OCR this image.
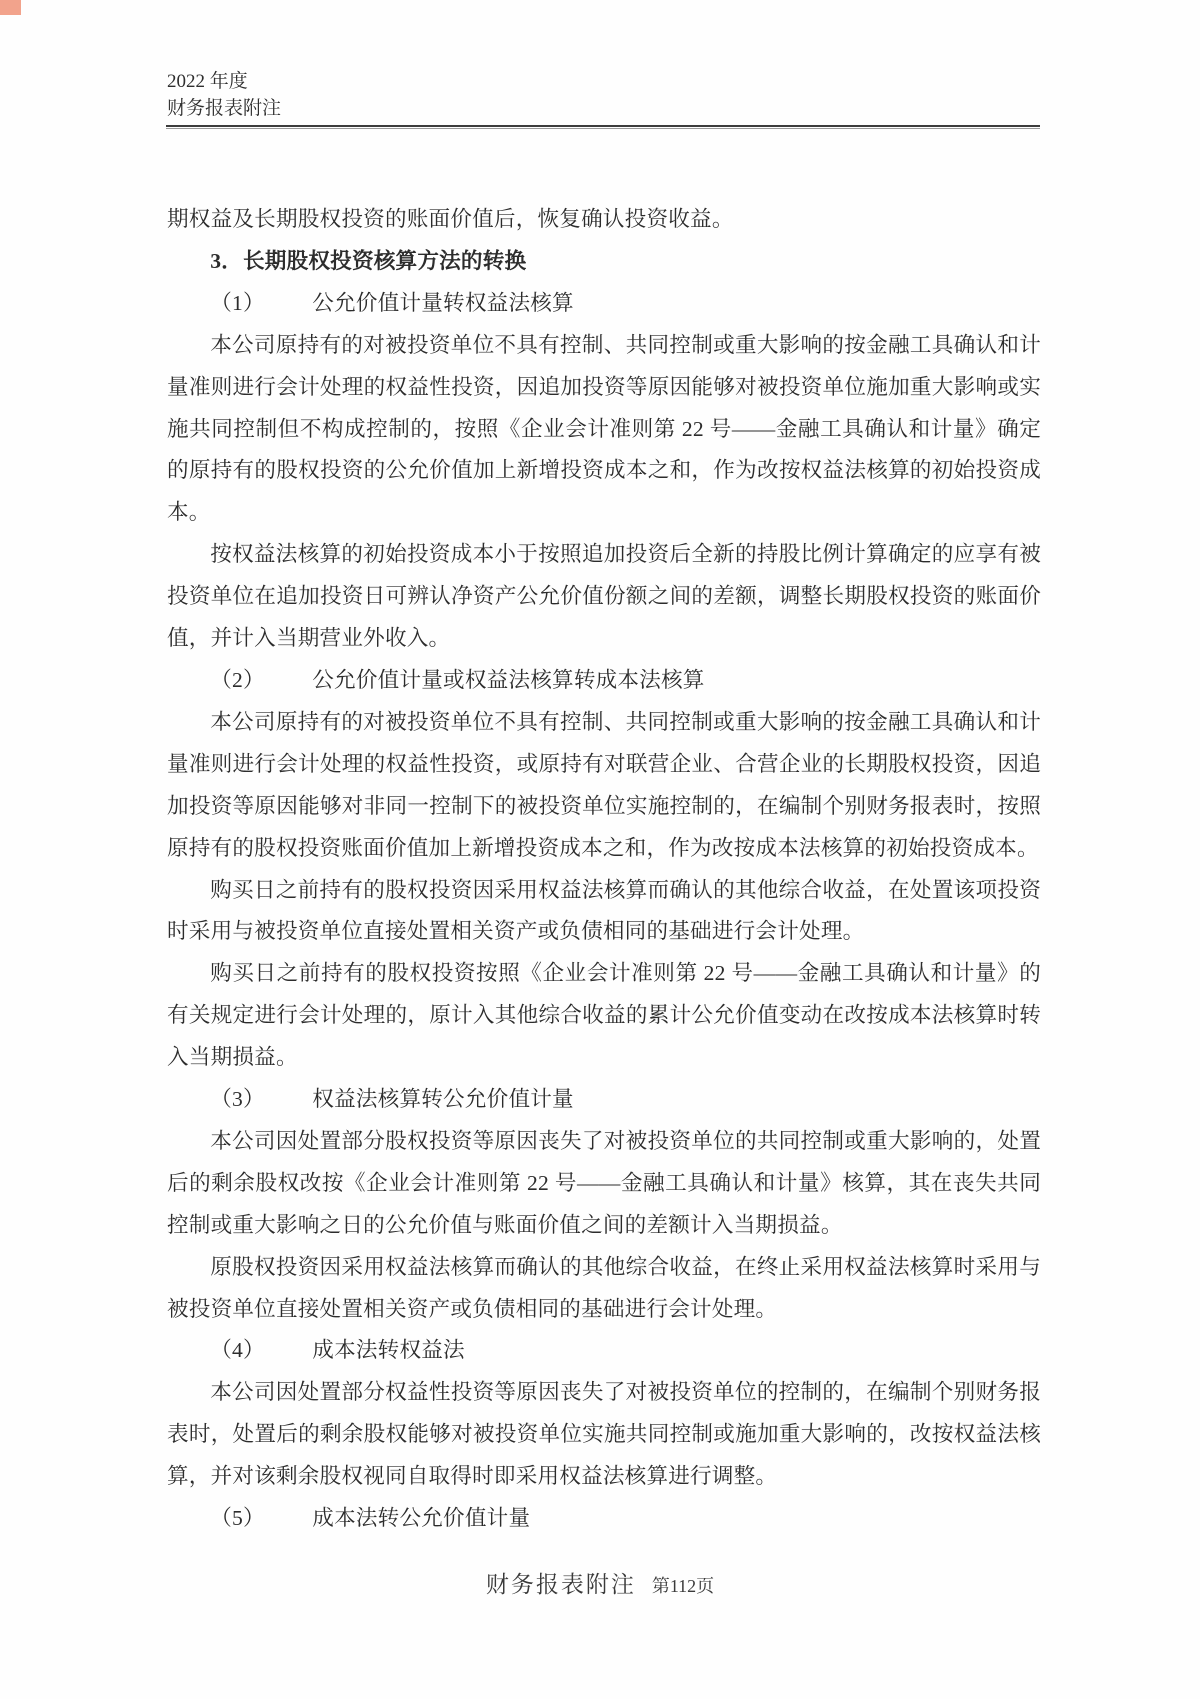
2022 年度
财务报表附注

期权益及长期股权投资的账面价值后，恢复确认投资收益。

3．长期股权投资核算方法的转换

（1） 公允价值计量转权益法核算

本公司原持有的对被投资单位不具有控制、共同控制或重大影响的按金融工具确认和计量准则进行会计处理的权益性投资，因追加投资等原因能够对被投资单位施加重大影响或实施共同控制但不构成控制的，按照《企业会计准则第 22 号——金融工具确认和计量》确定的原持有的股权投资的公允价值加上新增投资成本之和，作为改按权益法核算的初始投资成本。

按权益法核算的初始投资成本小于按照追加投资后全新的持股比例计算确定的应享有被投资单位在追加投资日可辨认净资产公允价值份额之间的差额，调整长期股权投资的账面价值，并计入当期营业外收入。

（2） 公允价值计量或权益法核算转成本法核算

本公司原持有的对被投资单位不具有控制、共同控制或重大影响的按金融工具确认和计量准则进行会计处理的权益性投资，或原持有对联营企业、合营企业的长期股权投资，因追加投资等原因能够对非同一控制下的被投资单位实施控制的，在编制个别财务报表时，按照原持有的股权投资账面价值加上新增投资成本之和，作为改按成本法核算的初始投资成本。

购买日之前持有的股权投资因采用权益法核算而确认的其他综合收益，在处置该项投资时采用与被投资单位直接处置相关资产或负债相同的基础进行会计处理。

购买日之前持有的股权投资按照《企业会计准则第 22 号——金融工具确认和计量》的有关规定进行会计处理的，原计入其他综合收益的累计公允价值变动在改按成本法核算时转入当期损益。

（3） 权益法核算转公允价值计量

本公司因处置部分股权投资等原因丧失了对被投资单位的共同控制或重大影响的，处置后的剩余股权改按《企业会计准则第 22 号——金融工具确认和计量》核算，其在丧失共同控制或重大影响之日的公允价值与账面价值之间的差额计入当期损益。

原股权投资因采用权益法核算而确认的其他综合收益，在终止采用权益法核算时采用与被投资单位直接处置相关资产或负债相同的基础进行会计处理。

（4） 成本法转权益法

本公司因处置部分权益性投资等原因丧失了对被投资单位的控制的，在编制个别财务报表时，处置后的剩余股权能够对被投资单位实施共同控制或施加重大影响的，改按权益法核算，并对该剩余股权视同自取得时即采用权益法核算进行调整。

（5） 成本法转公允价值计量

财务报表附注 第112页
